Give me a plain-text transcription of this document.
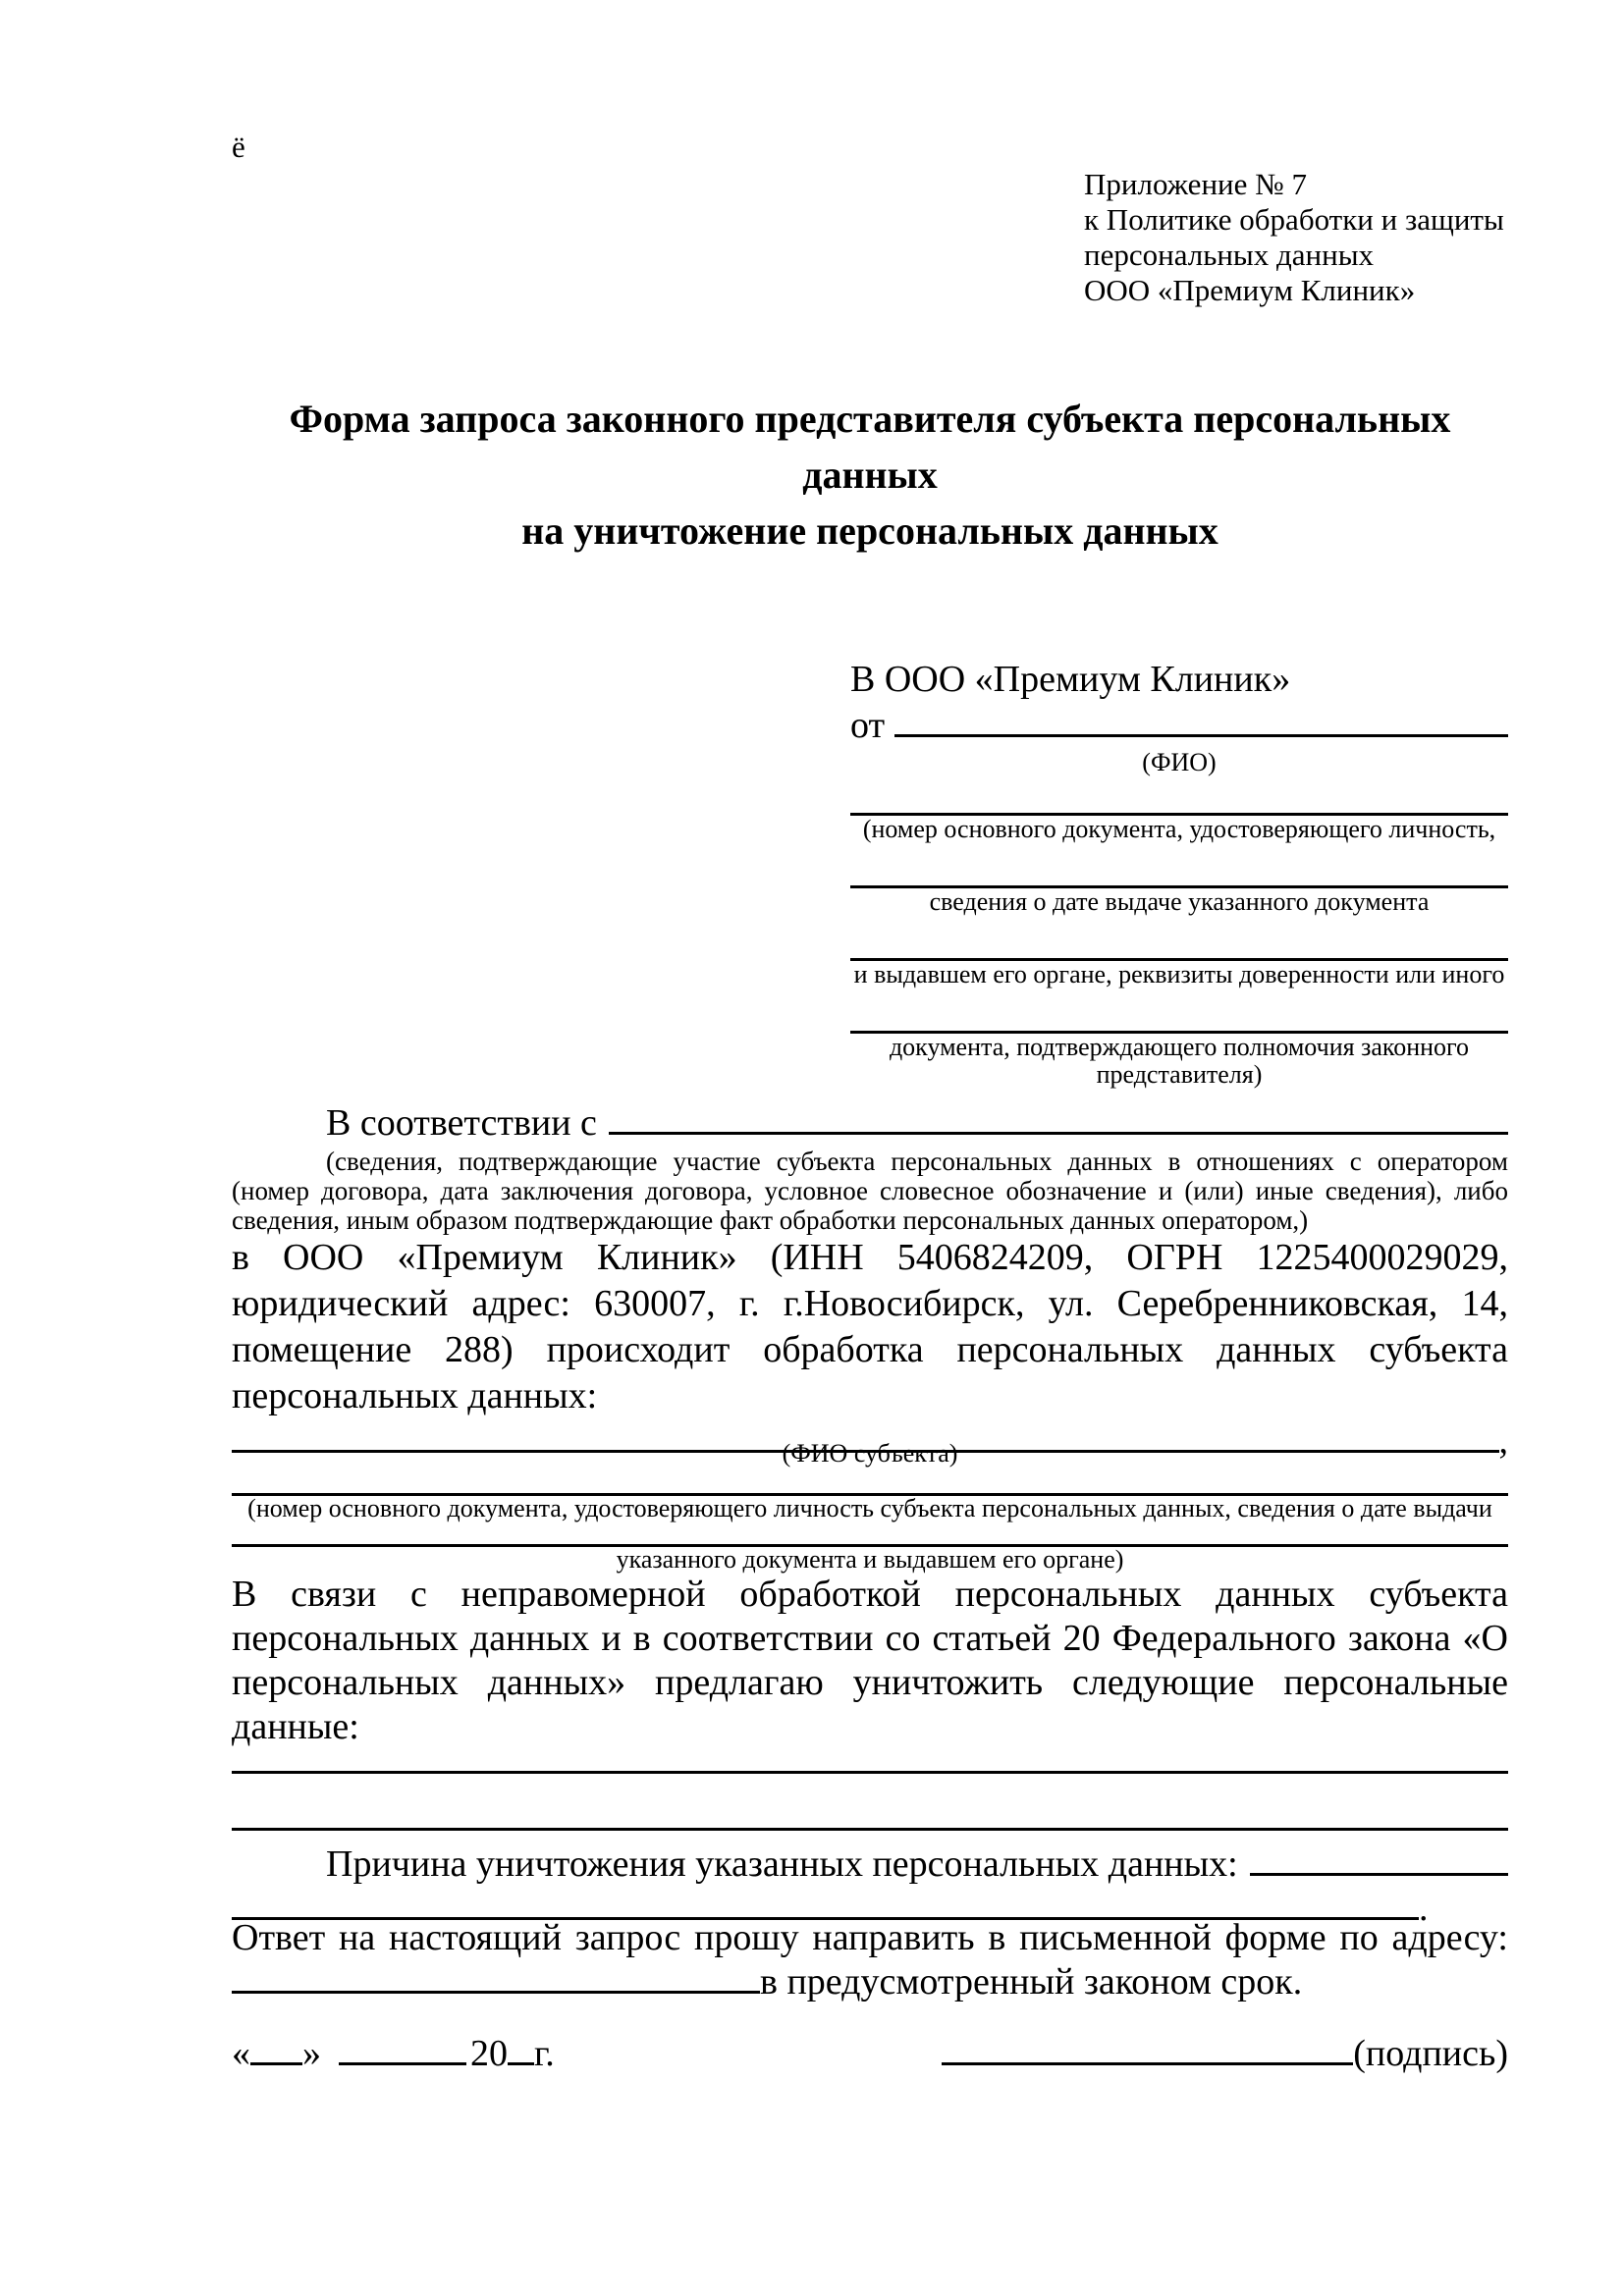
ё

Приложение № 7
к Политике обработки и защиты
персональных данных
ООО «Премиум Клиник»
Форма запроса законного представителя субъекта персональных данных
на уничтожение персональных данных
В ООО «Премиум Клиник»
от
(ФИО)
(номер основного документа, удостоверяющего личность,
сведения о дате выдаче указанного документа
и выдавшем его органе, реквизиты доверенности или иного
документа, подтверждающего полномочия законного представителя)
В соответствии с
(сведения, подтверждающие участие субъекта персональных данных в отношениях с оператором (номер договора, дата заключения договора, условное словесное обозначение и (или) иные сведения), либо сведения, иным образом подтверждающие факт обработки персональных данных оператором,)
в ООО «Премиум Клиник» (ИНН 5406824209, ОГРН 1225400029029, юридический адрес: 630007, г. г.Новосибирск, ул. Серебренниковская, 14, помещение 288) происходит обработка персональных данных субъекта персональных данных:
,
(ФИО субъекта)
(номер основного документа, удостоверяющего личность субъекта персональных данных, сведения о дате выдачи
указанного документа и выдавшем его органе)
В связи с неправомерной обработкой персональных данных субъекта персональных данных и в соответствии со статьей 20 Федерального закона «О персональных данных» предлагаю уничтожить следующие персональные данные:
Причина уничтожения указанных персональных данных:
.
Ответ на настоящий запрос прошу направить в письменной форме по адресу: в предусмотренный законом срок.
« »	20 г.	(подпись)
